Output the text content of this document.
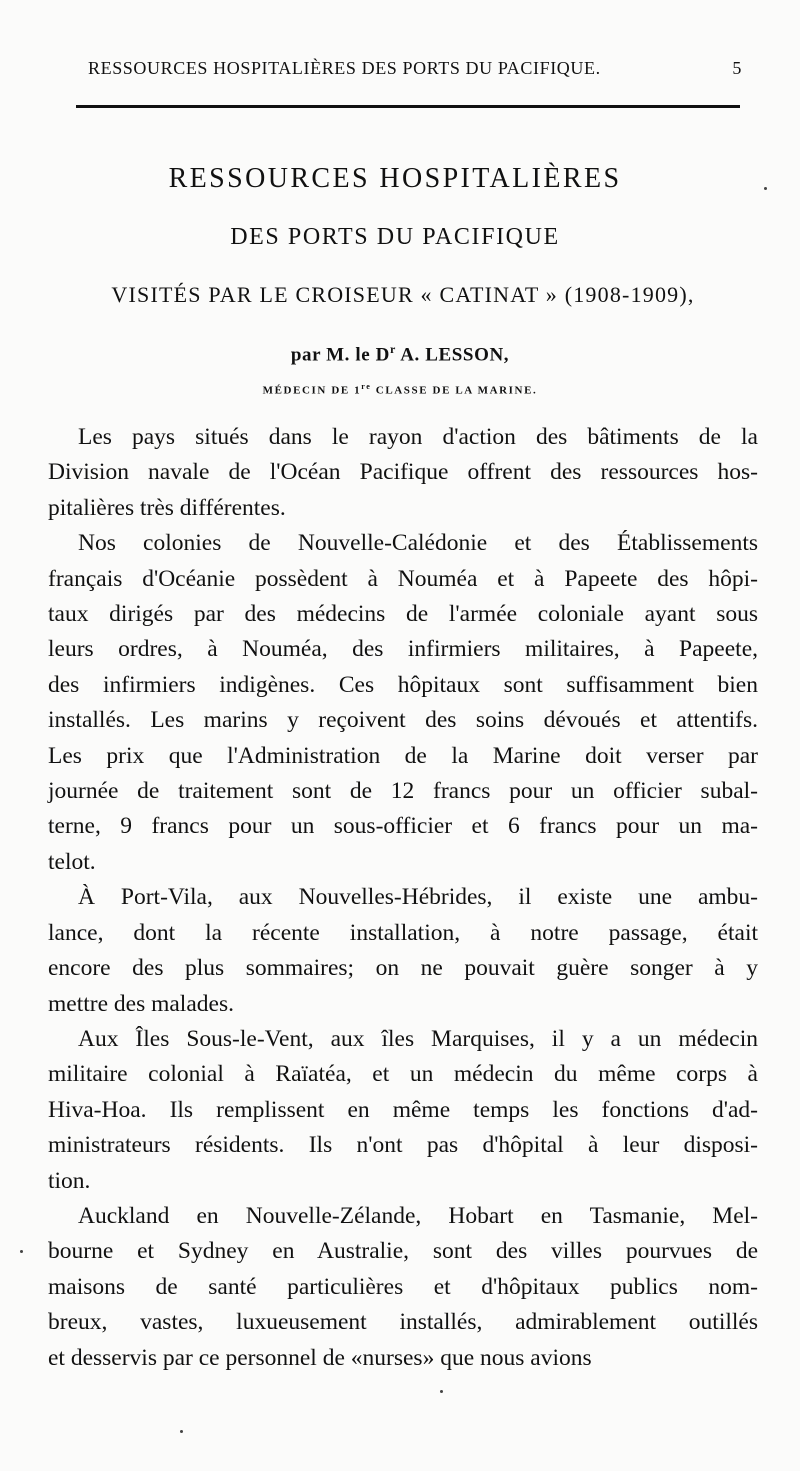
RESSOURCES HOSPITALIÈRES DES PORTS DU PACIFIQUE.	5
RESSOURCES HOSPITALIÈRES
DES PORTS DU PACIFIQUE
VISITÉS PAR LE CROISEUR « CATINAT » (1908-1909),
par M. le $D^r$ A. LESSON,
MÉDECIN DE 1re CLASSE DE LA MARINE.

Les pays situés dans le rayon d'action des bâtiments de la
Division navale de l'Océan Pacifique offrent des ressources hos-
pitalières très différentes.

Nos colonies de Nouvelle-Calédonie et des Établissements
français d'Océanie possèdent à Nouméa et à Papeete des hôpi-
taux dirigés par des médecins de l'armée coloniale ayant sous
leurs ordres, à Nouméa, des infirmiers militaires, à Papeete,
des infirmiers indigènes. Ces hôpitaux sont suffisamment bien
installés. Les marins y reçoivent des soins dévoués et attentifs.
Les prix que l'Administration de la Marine doit verser par
journée de traitement sont de 12 francs pour un officier subal-
terne, 9 francs pour un sous-officier et 6 francs pour un ma-
telot.

À Port-Vila, aux Nouvelles-Hébrides, il existe une ambu-
lance, dont la récente installation, à notre passage, était
encore des plus sommaires; on ne pouvait guère songer à y
mettre des malades.

Aux Îles Sous-le-Vent, aux îles Marquises, il y a un médecin
militaire colonial à Raïatéa, et un médecin du même corps à
Hiva-Hoa. Ils remplissent en même temps les fonctions d'ad-
ministrateurs résidents. Ils n'ont pas d'hôpital à leur disposi-
tion.

Auckland en Nouvelle-Zélande, Hobart en Tasmanie, Mel-
bourne et Sydney en Australie, sont des villes pourvues de
maisons de santé particulières et d'hôpitaux publics nom-
breux, vastes, luxueusement installés, admirablement outillés
et desservis par ce personnel de «nurses» que nous avions
